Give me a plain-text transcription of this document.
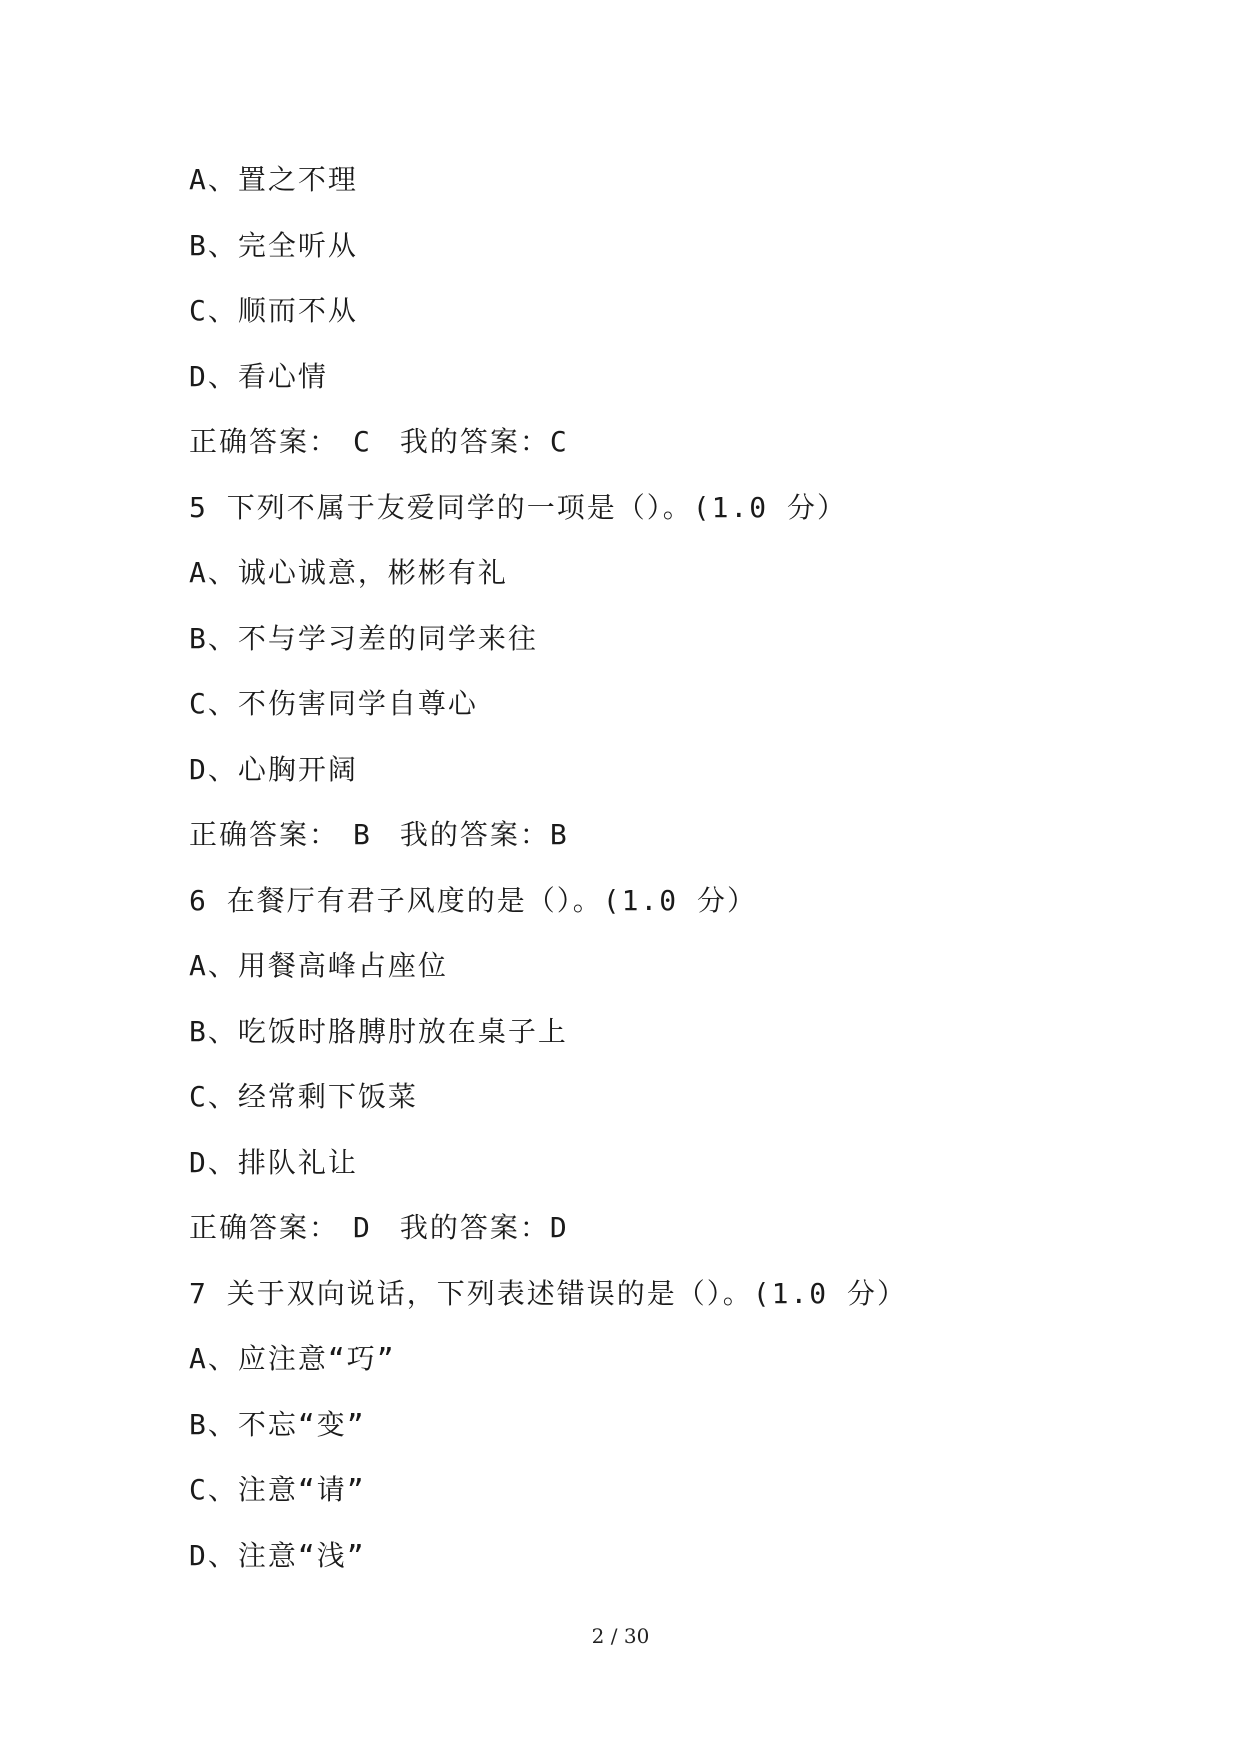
A、置之不理
B、完全听从
C、顺而不从
D、看心情
正确答案： C 我的答案：C
5 下列不属于友爱同学的一项是（）。(1.0 分）
A、诚心诚意，彬彬有礼
B、不与学习差的同学来往
C、不伤害同学自尊心
D、心胸开阔
正确答案： B 我的答案：B
6 在餐厅有君子风度的是（）。(1.0 分）
A、用餐高峰占座位
B、吃饭时胳膊肘放在桌子上
C、经常剩下饭菜
D、排队礼让
正确答案： D 我的答案：D
7 关于双向说话，下列表述错误的是（）。(1.0 分）
A、应注意“巧”
B、不忘“变”
C、注意“请”
D、注意“浅”
2 / 30
